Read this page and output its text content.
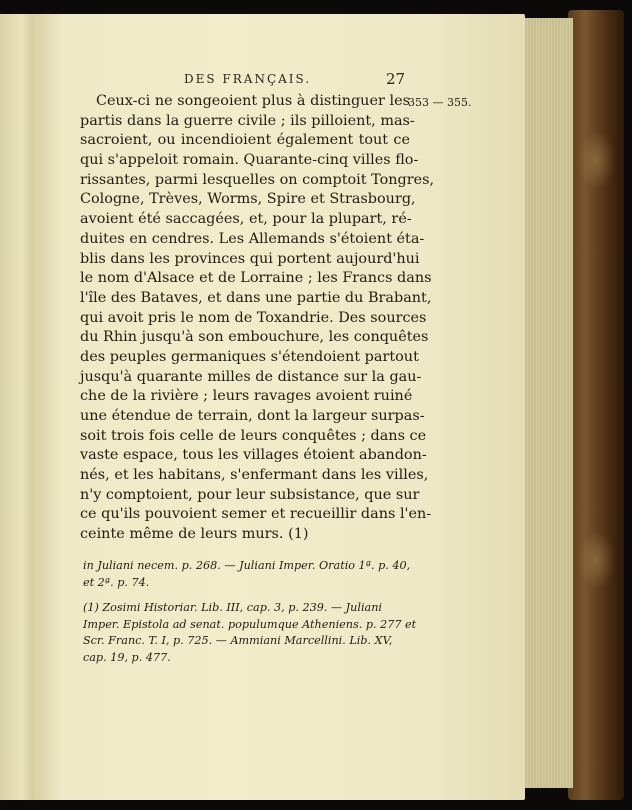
DES FRANÇAIS.	27
353 — 355.
Ceux-ci ne songeoient plus à distinguer les
partis dans la guerre civile ; ils pilloient, mas-
sacroient, ou incendioient également tout ce
qui s'appeloit romain. Quarante-cinq villes flo-
rissantes, parmi lesquelles on comptoit Tongres,
Cologne, Trèves, Worms, Spire et Strasbourg,
avoient été saccagées, et, pour la plupart, ré-
duites en cendres. Les Allemands s'étoient éta-
blis dans les provinces qui portent aujourd'hui
le nom d'Alsace et de Lorraine ; les Francs dans
l'île des Bataves, et dans une partie du Brabant,
qui avoit pris le nom de Toxandrie. Des sources
du Rhin jusqu'à son embouchure, les conquêtes
des peuples germaniques s'étendoient partout
jusqu'à quarante milles de distance sur la gau-
che de la rivière ; leurs ravages avoient ruiné
une étendue de terrain, dont la largeur surpas-
soit trois fois celle de leurs conquêtes ; dans ce
vaste espace, tous les villages étoient abandon-
nés, et les habitans, s'enfermant dans les villes,
n'y comptoient, pour leur subsistance, que sur
ce qu'ils pouvoient semer et recueillir dans l'en-
ceinte même de leurs murs. (1)
in Juliani necem. p. 268. — Juliani Imper. Oratio 1ª. p. 40,
et 2ª. p. 74.
(1) Zosimi Historiar. Lib. III, cap. 3, p. 239. — Juliani
Imper. Epistola ad senat. populumque Atheniens. p. 277 et
Scr. Franc. T. I, p. 725. — Ammiani Marcellini. Lib. XV,
cap. 19, p. 477.
